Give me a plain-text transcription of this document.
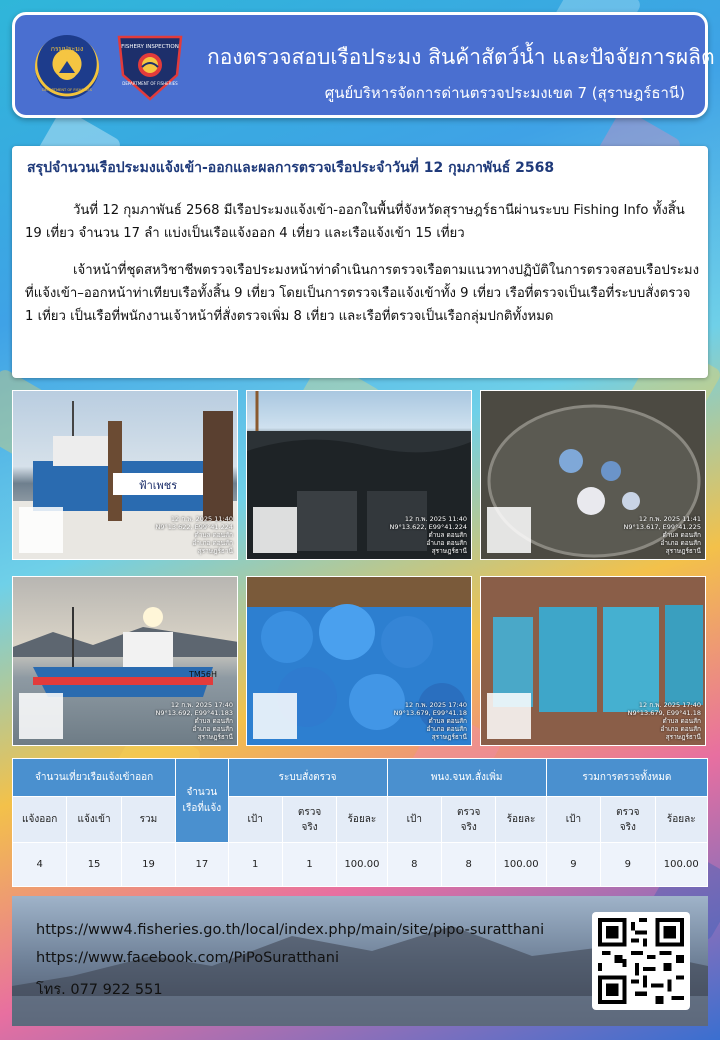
กรมประมง
DEPARTMENT OF FISHERIES
FISHERY INSPECTION
DEPARTMENT OF FISHERIES
กองตรวจสอบเรือประมง สินค้าสัตว์น้ำ และปัจจัยการผลิต
ศูนย์บริหารจัดการด่านตรวจประมงเขต 7 (สุราษฎร์ธานี)
สรุปจำนวนเรือประมงแจ้งเข้า-ออกและผลการตรวจเรือประจำวันที่ 12 กุมภาพันธ์ 2568

วันที่ 12 กุมภาพันธ์ 2568 มีเรือประมงแจ้งเข้า-ออกในพื้นที่จังหวัดสุราษฎร์ธานีผ่านระบบ Fishing Info ทั้งสิ้น 19 เที่ยว จำนวน 17 ลำ แบ่งเป็นเรือแจ้งออก 4 เที่ยว และเรือแจ้งเข้า 15 เที่ยว

เจ้าหน้าที่ชุดสหวิชาชีพตรวจเรือประมงหน้าท่าดำเนินการตรวจเรือตามแนวทางปฏิบัติในการตรวจสอบเรือประมงที่แจ้งเข้า–ออกหน้าท่าเทียบเรือทั้งสิ้น 9 เที่ยว โดยเป็นการตรวจเรือแจ้งเข้าทั้ง 9 เที่ยว เรือที่ตรวจเป็นเรือที่ระบบสั่งตรวจ 1 เที่ยว เป็นเรือที่พนักงานเจ้าหน้าที่สั่งตรวจเพิ่ม 8 เที่ยว และเรือที่ตรวจเป็นเรือกลุ่มปกติทั้งหมด

ฟ้าเพชร
12 ก.พ. 2025 11:40
N9°13.622, E99°41.224
ตำบล ดอนสัก
อำเภอ ดอนสัก
สุราษฎร์ธานี
12 ก.พ. 2025 11:40
N9°13.622, E99°41.224
ตำบล ดอนสัก
อำเภอ ดอนสัก
สุราษฎร์ธานี
12 ก.พ. 2025 11:41
N9°13.617, E99°41.225
ตำบล ดอนสัก
อำเภอ ดอนสัก
สุราษฎร์ธานี
TM56H
12 ก.พ. 2025 17:40
N9°13.692, E99°41.183
ตำบล ดอนสัก
อำเภอ ดอนสัก
สุราษฎร์ธานี
12 ก.พ. 2025 17:40
N9°13.679, E99°41.18
ตำบล ดอนสัก
อำเภอ ดอนสัก
สุราษฎร์ธานี
12 ก.พ. 2025 17:40
N9°13.679, E99°41.18
ตำบล ดอนสัก
อำเภอ ดอนสัก
สุราษฎร์ธานี
จำนวนเที่ยวเรือแจ้งเข้าออก			จำนวนเรือที่แจ้ง	ระบบสั่งตรวจ			พนง.จนท.สั่งเพิ่ม			รวมการตรวจทั้งหมด		
แจ้งออก	แจ้งเข้า	รวม		เป้า	ตรวจจริง	ร้อยละ	เป้า	ตรวจจริง	ร้อยละ	เป้า	ตรวจจริง	ร้อยละ
4	15	19	17	1	1	100.00	8	8	100.00	9	9	100.00
https://www4.fisheries.go.th/local/index.php/main/site/pipo-suratthani
https://www.facebook.com/PiPoSuratthani
โทร. 077 922 551
